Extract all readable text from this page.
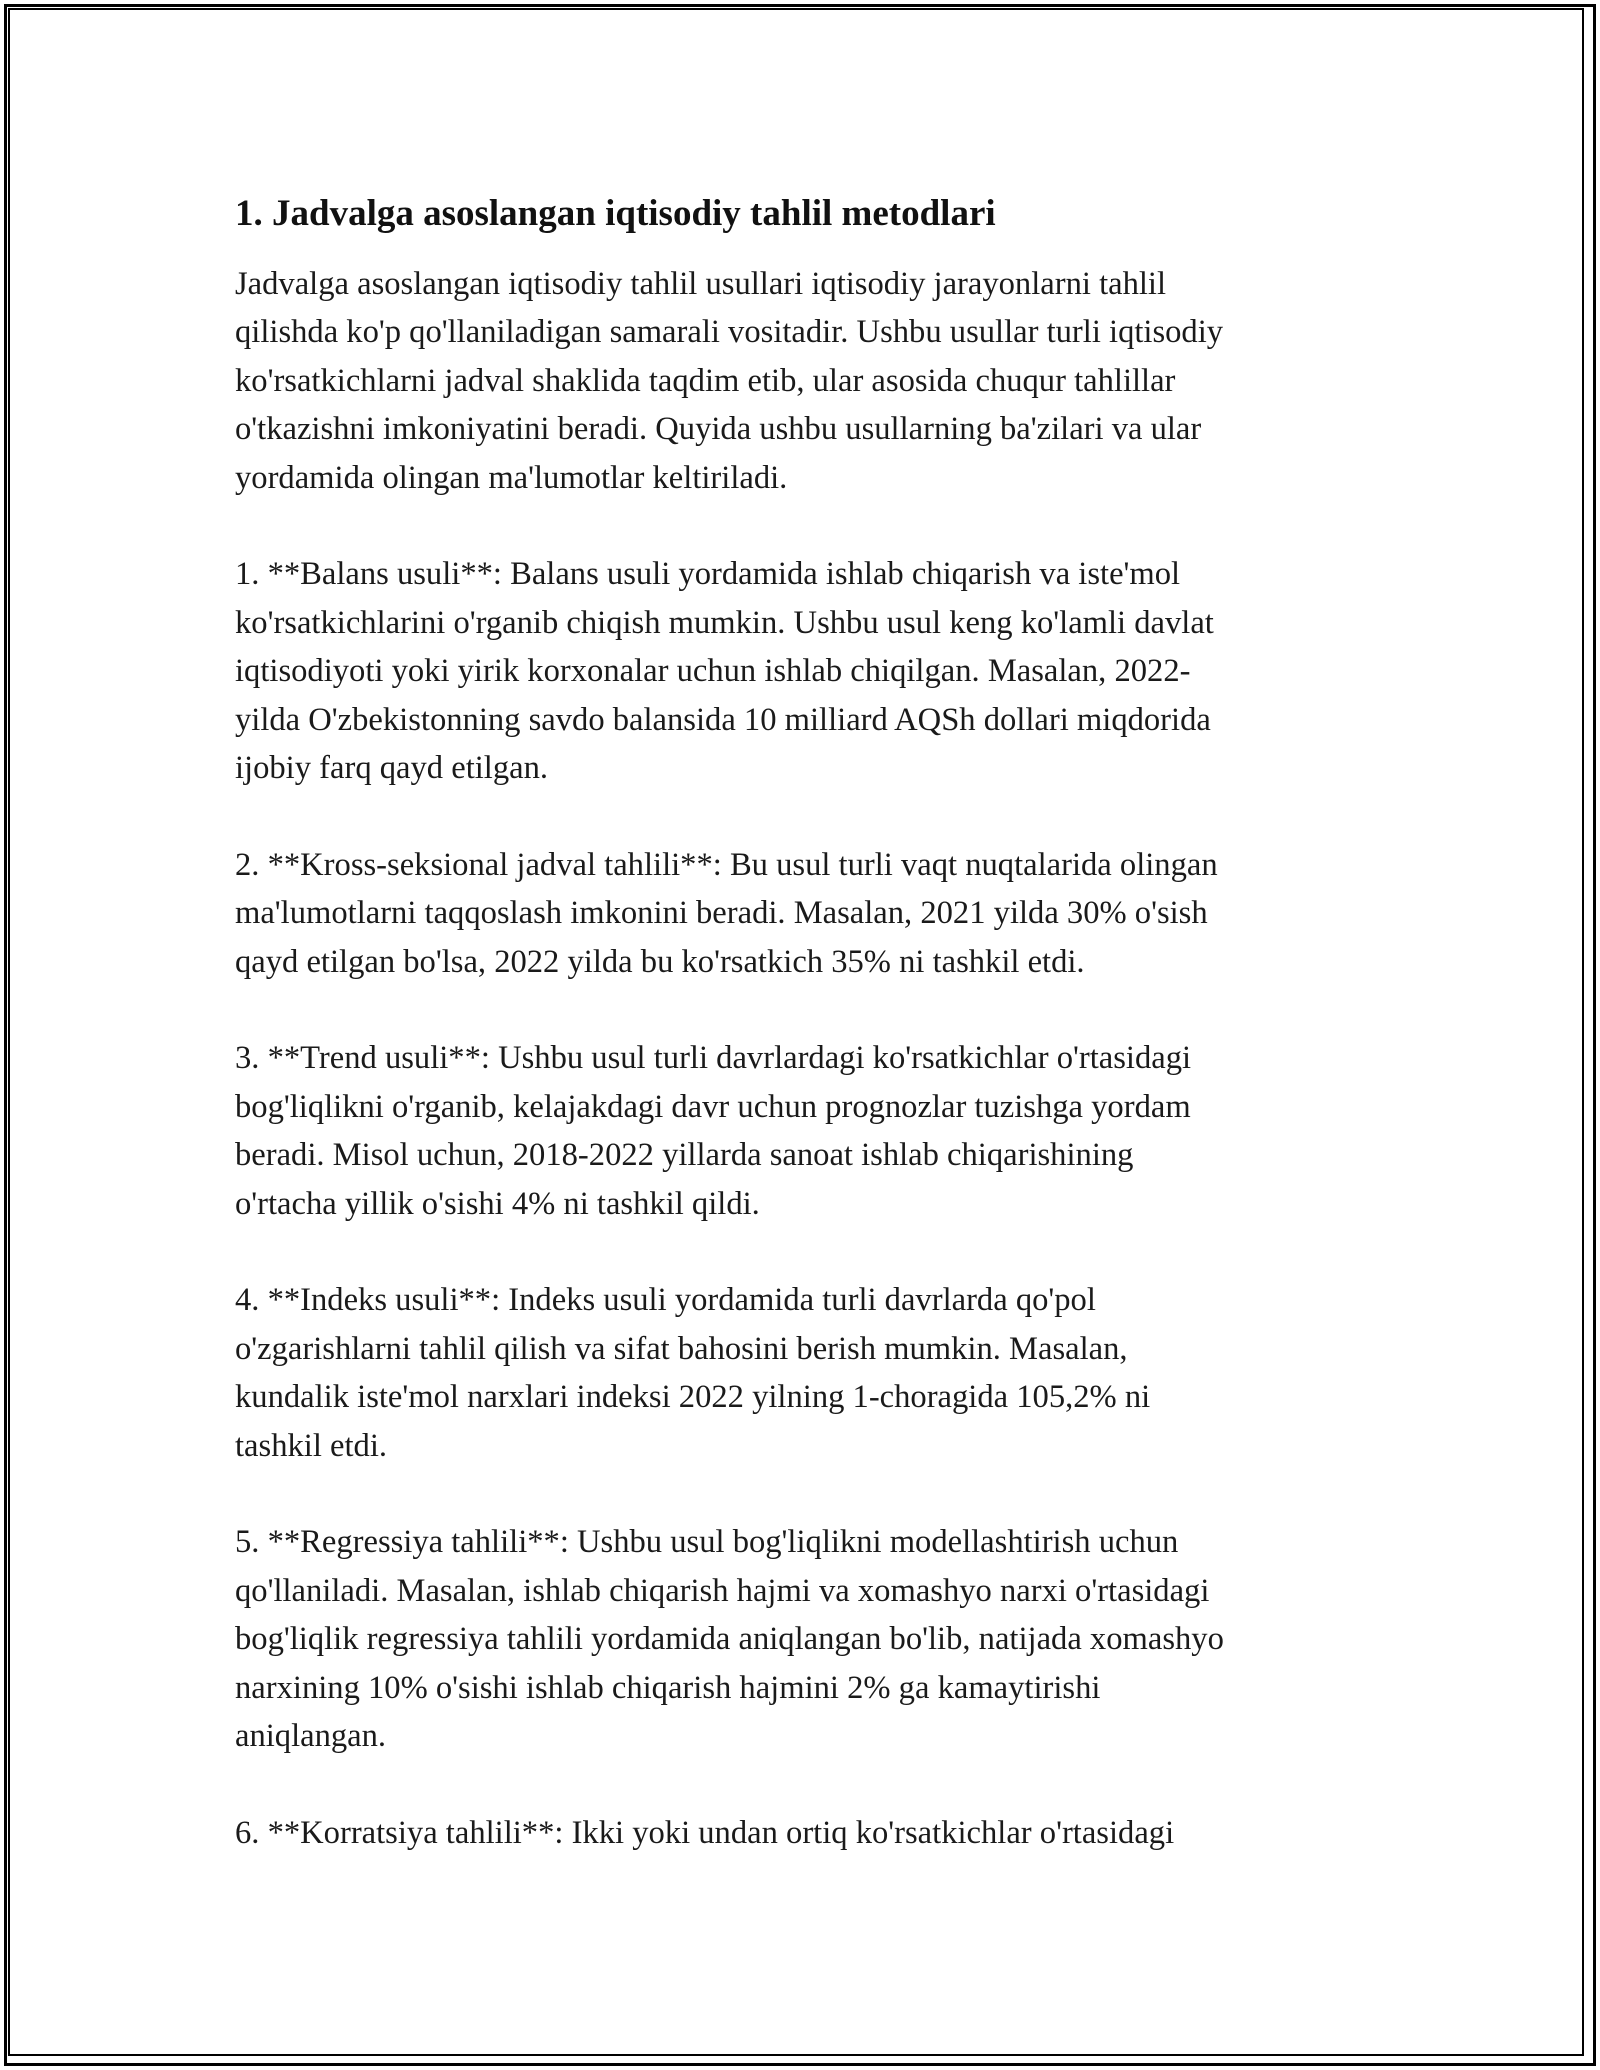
1. Jadvalga asoslangan iqtisodiy tahlil metodlari

Jadvalga asoslangan iqtisodiy tahlil usullari iqtisodiy jarayonlarni tahlil
qilishda ko'p qo'llaniladigan samarali vositadir. Ushbu usullar turli iqtisodiy
ko'rsatkichlarni jadval shaklida taqdim etib, ular asosida chuqur tahlillar
o'tkazishni imkoniyatini beradi. Quyida ushbu usullarning ba'zilari va ular
yordamida olingan ma'lumotlar keltiriladi.

1. **Balans usuli**: Balans usuli yordamida ishlab chiqarish va iste'mol
ko'rsatkichlarini o'rganib chiqish mumkin. Ushbu usul keng ko'lamli davlat
iqtisodiyoti yoki yirik korxonalar uchun ishlab chiqilgan. Masalan, 2022-
yilda O'zbekistonning savdo balansida 10 milliard AQSh dollari miqdorida
ijobiy farq qayd etilgan.

2. **Kross-seksional jadval tahlili**: Bu usul turli vaqt nuqtalarida olingan
ma'lumotlarni taqqoslash imkonini beradi. Masalan, 2021 yilda 30% o'sish
qayd etilgan bo'lsa, 2022 yilda bu ko'rsatkich 35% ni tashkil etdi.

3. **Trend usuli**: Ushbu usul turli davrlardagi ko'rsatkichlar o'rtasidagi
bog'liqlikni o'rganib, kelajakdagi davr uchun prognozlar tuzishga yordam
beradi. Misol uchun, 2018-2022 yillarda sanoat ishlab chiqarishining
o'rtacha yillik o'sishi 4% ni tashkil qildi.

4. **Indeks usuli**: Indeks usuli yordamida turli davrlarda qo'pol
o'zgarishlarni tahlil qilish va sifat bahosini berish mumkin. Masalan,
kundalik iste'mol narxlari indeksi 2022 yilning 1-choragida 105,2% ni
tashkil etdi.

5. **Regressiya tahlili**: Ushbu usul bog'liqlikni modellashtirish uchun
qo'llaniladi. Masalan, ishlab chiqarish hajmi va xomashyo narxi o'rtasidagi
bog'liqlik regressiya tahlili yordamida aniqlangan bo'lib, natijada xomashyo
narxining 10% o'sishi ishlab chiqarish hajmini 2% ga kamaytirishi
aniqlangan.

6. **Korratsiya tahlili**: Ikki yoki undan ortiq ko'rsatkichlar o'rtasidagi
